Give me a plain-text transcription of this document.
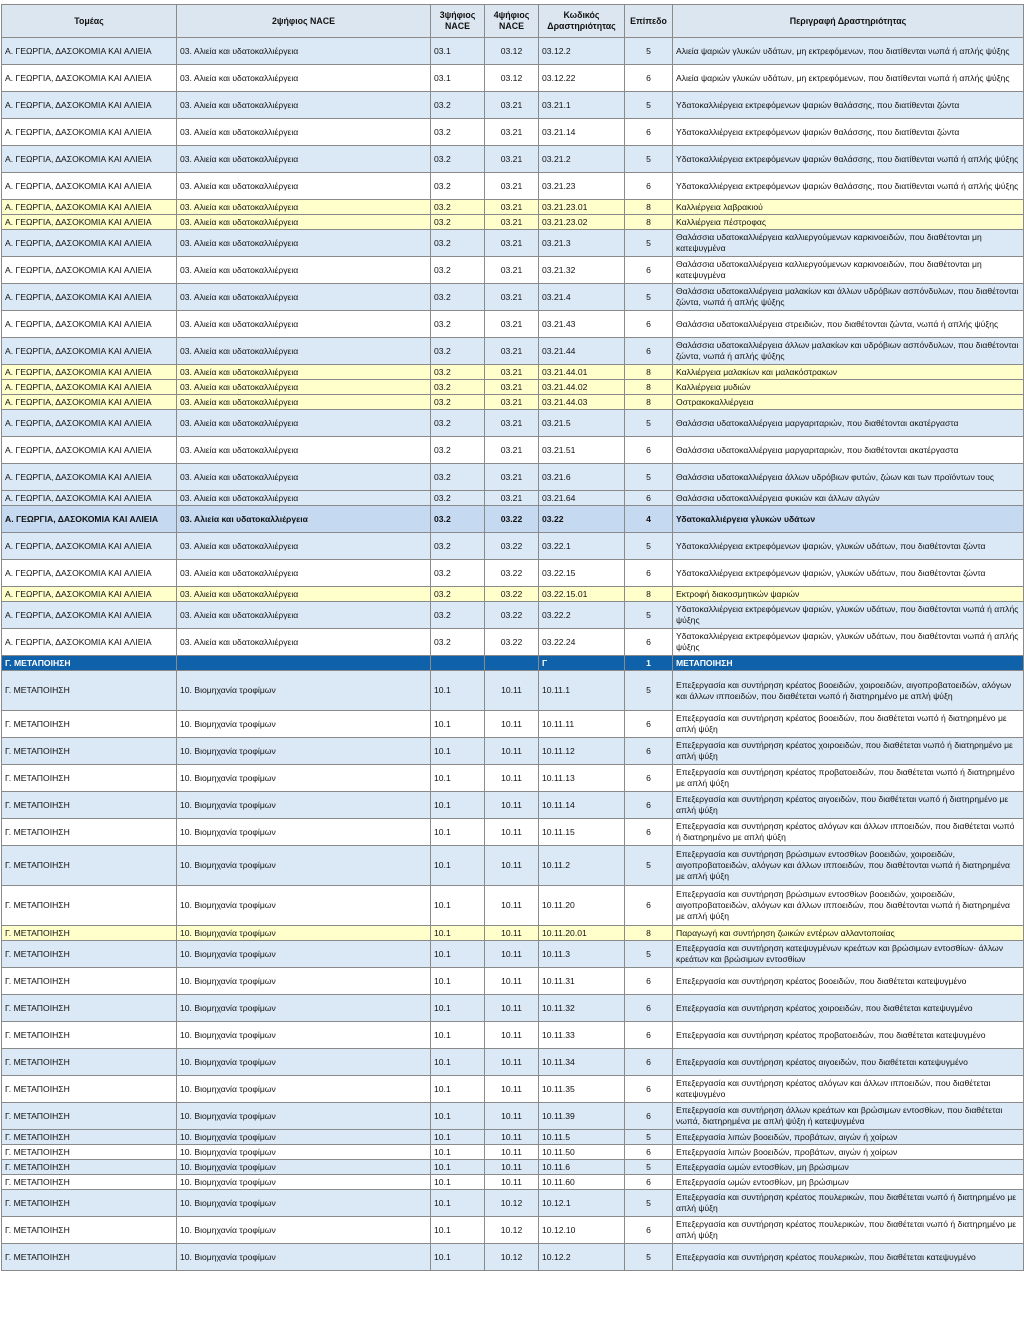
Τομέας	2ψήφιος NACE	3ψήφιος NACE	4ψήφιος NACE	Κωδικός Δραστηριότητας	Επίπεδο	Περιγραφή Δραστηριότητας
Α. ΓΕΩΡΓΙΑ, ΔΑΣΟΚΟΜΙΑ ΚΑΙ ΑΛΙΕΙΑ	03. Αλιεία και υδατοκαλλιέργεια	03.1	03.12	03.12.2	5	Αλιεία ψαριών γλυκών υδάτων, μη εκτρεφόμενων, που διατίθενται νωπά ή απλής ψύξης
Α. ΓΕΩΡΓΙΑ, ΔΑΣΟΚΟΜΙΑ ΚΑΙ ΑΛΙΕΙΑ	03. Αλιεία και υδατοκαλλιέργεια	03.1	03.12	03.12.22	6	Αλιεία ψαριών γλυκών υδάτων, μη εκτρεφόμενων, που διατίθενται νωπά ή απλής ψύξης
Α. ΓΕΩΡΓΙΑ, ΔΑΣΟΚΟΜΙΑ ΚΑΙ ΑΛΙΕΙΑ	03. Αλιεία και υδατοκαλλιέργεια	03.2	03.21	03.21.1	5	Υδατοκαλλιέργεια εκτρεφόμενων ψαριών θαλάσσης, που διατίθενται ζώντα
Α. ΓΕΩΡΓΙΑ, ΔΑΣΟΚΟΜΙΑ ΚΑΙ ΑΛΙΕΙΑ	03. Αλιεία και υδατοκαλλιέργεια	03.2	03.21	03.21.14	6	Υδατοκαλλιέργεια εκτρεφόμενων ψαριών θαλάσσης, που διατίθενται ζώντα
Α. ΓΕΩΡΓΙΑ, ΔΑΣΟΚΟΜΙΑ ΚΑΙ ΑΛΙΕΙΑ	03. Αλιεία και υδατοκαλλιέργεια	03.2	03.21	03.21.2	5	Υδατοκαλλιέργεια εκτρεφόμενων ψαριών θαλάσσης, που διατίθενται νωπά ή απλής ψύξης
Α. ΓΕΩΡΓΙΑ, ΔΑΣΟΚΟΜΙΑ ΚΑΙ ΑΛΙΕΙΑ	03. Αλιεία και υδατοκαλλιέργεια	03.2	03.21	03.21.23	6	Υδατοκαλλιέργεια εκτρεφόμενων ψαριών θαλάσσης, που διατίθενται νωπά ή απλής ψύξης
Α. ΓΕΩΡΓΙΑ, ΔΑΣΟΚΟΜΙΑ ΚΑΙ ΑΛΙΕΙΑ	03. Αλιεία και υδατοκαλλιέργεια	03.2	03.21	03.21.23.01	8	Καλλιέργεια λαβρακιού
Α. ΓΕΩΡΓΙΑ, ΔΑΣΟΚΟΜΙΑ ΚΑΙ ΑΛΙΕΙΑ	03. Αλιεία και υδατοκαλλιέργεια	03.2	03.21	03.21.23.02	8	Καλλιέργεια πέστροφας
Α. ΓΕΩΡΓΙΑ, ΔΑΣΟΚΟΜΙΑ ΚΑΙ ΑΛΙΕΙΑ	03. Αλιεία και υδατοκαλλιέργεια	03.2	03.21	03.21.3	5	Θαλάσσια υδατοκαλλιέργεια καλλιεργούμενων καρκινοειδών, που διαθέτονται μη κατεψυγμένα
Α. ΓΕΩΡΓΙΑ, ΔΑΣΟΚΟΜΙΑ ΚΑΙ ΑΛΙΕΙΑ	03. Αλιεία και υδατοκαλλιέργεια	03.2	03.21	03.21.32	6	Θαλάσσια υδατοκαλλιέργεια καλλιεργούμενων καρκινοειδών, που διαθέτονται μη κατεψυγμένα
Α. ΓΕΩΡΓΙΑ, ΔΑΣΟΚΟΜΙΑ ΚΑΙ ΑΛΙΕΙΑ	03. Αλιεία και υδατοκαλλιέργεια	03.2	03.21	03.21.4	5	Θαλάσσια υδατοκαλλιέργεια μαλακίων και άλλων υδρόβιων ασπόνδυλων, που διαθέτονται ζώντα, νωπά ή απλής ψύξης
Α. ΓΕΩΡΓΙΑ, ΔΑΣΟΚΟΜΙΑ ΚΑΙ ΑΛΙΕΙΑ	03. Αλιεία και υδατοκαλλιέργεια	03.2	03.21	03.21.43	6	Θαλάσσια υδατοκαλλιέργεια στρειδιών, που διαθέτονται ζώντα, νωπά ή απλής ψύξης
Α. ΓΕΩΡΓΙΑ, ΔΑΣΟΚΟΜΙΑ ΚΑΙ ΑΛΙΕΙΑ	03. Αλιεία και υδατοκαλλιέργεια	03.2	03.21	03.21.44	6	Θαλάσσια υδατοκαλλιέργεια άλλων μαλακίων και υδρόβιων ασπόνδυλων, που διαθέτονται ζώντα, νωπά ή απλής ψύξης
Α. ΓΕΩΡΓΙΑ, ΔΑΣΟΚΟΜΙΑ ΚΑΙ ΑΛΙΕΙΑ	03. Αλιεία και υδατοκαλλιέργεια	03.2	03.21	03.21.44.01	8	Καλλιέργεια μαλακίων και μαλακόστρακων
Α. ΓΕΩΡΓΙΑ, ΔΑΣΟΚΟΜΙΑ ΚΑΙ ΑΛΙΕΙΑ	03. Αλιεία και υδατοκαλλιέργεια	03.2	03.21	03.21.44.02	8	Καλλιέργεια μυδιών
Α. ΓΕΩΡΓΙΑ, ΔΑΣΟΚΟΜΙΑ ΚΑΙ ΑΛΙΕΙΑ	03. Αλιεία και υδατοκαλλιέργεια	03.2	03.21	03.21.44.03	8	Οστρακοκαλλιέργεια
Α. ΓΕΩΡΓΙΑ, ΔΑΣΟΚΟΜΙΑ ΚΑΙ ΑΛΙΕΙΑ	03. Αλιεία και υδατοκαλλιέργεια	03.2	03.21	03.21.5	5	Θαλάσσια υδατοκαλλιέργεια μαργαριταριών, που διαθέτονται ακατέργαστα
Α. ΓΕΩΡΓΙΑ, ΔΑΣΟΚΟΜΙΑ ΚΑΙ ΑΛΙΕΙΑ	03. Αλιεία και υδατοκαλλιέργεια	03.2	03.21	03.21.51	6	Θαλάσσια υδατοκαλλιέργεια μαργαριταριών, που διαθέτονται ακατέργαστα
Α. ΓΕΩΡΓΙΑ, ΔΑΣΟΚΟΜΙΑ ΚΑΙ ΑΛΙΕΙΑ	03. Αλιεία και υδατοκαλλιέργεια	03.2	03.21	03.21.6	5	Θαλάσσια υδατοκαλλιέργεια άλλων υδρόβιων φυτών, ζώων και των προϊόντων τους
Α. ΓΕΩΡΓΙΑ, ΔΑΣΟΚΟΜΙΑ ΚΑΙ ΑΛΙΕΙΑ	03. Αλιεία και υδατοκαλλιέργεια	03.2	03.21	03.21.64	6	Θαλάσσια υδατοκαλλιέργεια φυκιών και άλλων αλγών
Α. ΓΕΩΡΓΙΑ, ΔΑΣΟΚΟΜΙΑ ΚΑΙ ΑΛΙΕΙΑ	03. Αλιεία και υδατοκαλλιέργεια	03.2	03.22	03.22	4	Υδατοκαλλιέργεια γλυκών υδάτων
Α. ΓΕΩΡΓΙΑ, ΔΑΣΟΚΟΜΙΑ ΚΑΙ ΑΛΙΕΙΑ	03. Αλιεία και υδατοκαλλιέργεια	03.2	03.22	03.22.1	5	Υδατοκαλλιέργεια εκτρεφόμενων ψαριών, γλυκών υδάτων, που διαθέτονται ζώντα
Α. ΓΕΩΡΓΙΑ, ΔΑΣΟΚΟΜΙΑ ΚΑΙ ΑΛΙΕΙΑ	03. Αλιεία και υδατοκαλλιέργεια	03.2	03.22	03.22.15	6	Υδατοκαλλιέργεια εκτρεφόμενων ψαριών, γλυκών υδάτων, που διαθέτονται ζώντα
Α. ΓΕΩΡΓΙΑ, ΔΑΣΟΚΟΜΙΑ ΚΑΙ ΑΛΙΕΙΑ	03. Αλιεία και υδατοκαλλιέργεια	03.2	03.22	03.22.15.01	8	Εκτροφή διακοσμητικών ψαριών
Α. ΓΕΩΡΓΙΑ, ΔΑΣΟΚΟΜΙΑ ΚΑΙ ΑΛΙΕΙΑ	03. Αλιεία και υδατοκαλλιέργεια	03.2	03.22	03.22.2	5	Υδατοκαλλιέργεια εκτρεφόμενων ψαριών, γλυκών υδάτων, που διαθέτονται νωπά ή απλής ψύξης
Α. ΓΕΩΡΓΙΑ, ΔΑΣΟΚΟΜΙΑ ΚΑΙ ΑΛΙΕΙΑ	03. Αλιεία και υδατοκαλλιέργεια	03.2	03.22	03.22.24	6	Υδατοκαλλιέργεια εκτρεφόμενων ψαριών, γλυκών υδάτων, που διαθέτονται νωπά ή απλής ψύξης
Γ. ΜΕΤΑΠΟΙΗΣΗ				Γ	1	ΜΕΤΑΠΟΙΗΣΗ
Γ. ΜΕΤΑΠΟΙΗΣΗ	10. Βιομηχανία τροφίμων	10.1	10.11	10.11.1	5	Επεξεργασία και συντήρηση κρέατος βοοειδών, χοιροειδών, αιγοπροβατοειδών, αλόγων και άλλων ιπποειδών, που διαθέτεται νωπό ή διατηρημένο με απλή ψύξη
Γ. ΜΕΤΑΠΟΙΗΣΗ	10. Βιομηχανία τροφίμων	10.1	10.11	10.11.11	6	Επεξεργασία και συντήρηση κρέατος βοοειδών, που διαθέτεται νωπό ή διατηρημένο με απλή ψύξη
Γ. ΜΕΤΑΠΟΙΗΣΗ	10. Βιομηχανία τροφίμων	10.1	10.11	10.11.12	6	Επεξεργασία και συντήρηση κρέατος χοιροειδών, που διαθέτεται νωπό ή διατηρημένο με απλή ψύξη
Γ. ΜΕΤΑΠΟΙΗΣΗ	10. Βιομηχανία τροφίμων	10.1	10.11	10.11.13	6	Επεξεργασία και συντήρηση κρέατος προβατοειδών, που διαθέτεται νωπό ή διατηρημένο με απλή ψύξη
Γ. ΜΕΤΑΠΟΙΗΣΗ	10. Βιομηχανία τροφίμων	10.1	10.11	10.11.14	6	Επεξεργασία και συντήρηση κρέατος αιγοειδών, που διαθέτεται νωπό ή διατηρημένο με απλή ψύξη
Γ. ΜΕΤΑΠΟΙΗΣΗ	10. Βιομηχανία τροφίμων	10.1	10.11	10.11.15	6	Επεξεργασία και συντήρηση κρέατος αλόγων και άλλων ιπποειδών, που διαθέτεται νωπό ή διατηρημένο με απλή ψύξη
Γ. ΜΕΤΑΠΟΙΗΣΗ	10. Βιομηχανία τροφίμων	10.1	10.11	10.11.2	5	Επεξεργασία και συντήρηση βρώσιμων εντοσθίων βοοειδών, χοιροειδών, αιγοπροβατοειδών, αλόγων και άλλων ιπποειδών, που διαθέτονται νωπά ή διατηρημένα με απλή ψύξη
Γ. ΜΕΤΑΠΟΙΗΣΗ	10. Βιομηχανία τροφίμων	10.1	10.11	10.11.20	6	Επεξεργασία και συντήρηση βρώσιμων εντοσθίων βοοειδών, χοιροειδών, αιγοπροβατοειδών, αλόγων και άλλων ιπποειδών, που διαθέτονται νωπά ή διατηρημένα με απλή ψύξη
Γ. ΜΕΤΑΠΟΙΗΣΗ	10. Βιομηχανία τροφίμων	10.1	10.11	10.11.20.01	8	Παραγωγή και συντήρηση ζωικών εντέρων αλλαντοποιίας
Γ. ΜΕΤΑΠΟΙΗΣΗ	10. Βιομηχανία τροφίμων	10.1	10.11	10.11.3	5	Επεξεργασία και συντήρηση κατεψυγμένων κρεάτων και βρώσιμων εντοσθίων· άλλων κρεάτων και βρώσιμων εντοσθίων
Γ. ΜΕΤΑΠΟΙΗΣΗ	10. Βιομηχανία τροφίμων	10.1	10.11	10.11.31	6	Επεξεργασία και συντήρηση κρέατος βοοειδών, που διαθέτεται κατεψυγμένο
Γ. ΜΕΤΑΠΟΙΗΣΗ	10. Βιομηχανία τροφίμων	10.1	10.11	10.11.32	6	Επεξεργασία και συντήρηση κρέατος χοιροειδών, που διαθέτεται κατεψυγμένο
Γ. ΜΕΤΑΠΟΙΗΣΗ	10. Βιομηχανία τροφίμων	10.1	10.11	10.11.33	6	Επεξεργασία και συντήρηση κρέατος προβατοειδών, που διαθέτεται κατεψυγμένο
Γ. ΜΕΤΑΠΟΙΗΣΗ	10. Βιομηχανία τροφίμων	10.1	10.11	10.11.34	6	Επεξεργασία και συντήρηση κρέατος αιγοειδών, που διαθέτεται κατεψυγμένο
Γ. ΜΕΤΑΠΟΙΗΣΗ	10. Βιομηχανία τροφίμων	10.1	10.11	10.11.35	6	Επεξεργασία και συντήρηση κρέατος αλόγων και άλλων ιπποειδών, που διαθέτεται κατεψυγμένο
Γ. ΜΕΤΑΠΟΙΗΣΗ	10. Βιομηχανία τροφίμων	10.1	10.11	10.11.39	6	Επεξεργασία και συντήρηση άλλων κρεάτων και βρώσιμων εντοσθίων, που διαθέτεται νωπά, διατηρημένα με απλή ψύξη ή κατεψυγμένα
Γ. ΜΕΤΑΠΟΙΗΣΗ	10. Βιομηχανία τροφίμων	10.1	10.11	10.11.5	5	Επεξεργασία λιπών βοοειδών, προβάτων, αιγών ή χοίρων
Γ. ΜΕΤΑΠΟΙΗΣΗ	10. Βιομηχανία τροφίμων	10.1	10.11	10.11.50	6	Επεξεργασία λιπών βοοειδών, προβάτων, αιγών ή χοίρων
Γ. ΜΕΤΑΠΟΙΗΣΗ	10. Βιομηχανία τροφίμων	10.1	10.11	10.11.6	5	Επεξεργασία ωμών εντοσθίων, μη βρώσιμων
Γ. ΜΕΤΑΠΟΙΗΣΗ	10. Βιομηχανία τροφίμων	10.1	10.11	10.11.60	6	Επεξεργασία ωμών εντοσθίων, μη βρώσιμων
Γ. ΜΕΤΑΠΟΙΗΣΗ	10. Βιομηχανία τροφίμων	10.1	10.12	10.12.1	5	Επεξεργασία και συντήρηση κρέατος πουλερικών, που διαθέτεται νωπό ή διατηρημένο με απλή ψύξη
Γ. ΜΕΤΑΠΟΙΗΣΗ	10. Βιομηχανία τροφίμων	10.1	10.12	10.12.10	6	Επεξεργασία και συντήρηση κρέατος πουλερικών, που διαθέτεται νωπό ή διατηρημένο με απλή ψύξη
Γ. ΜΕΤΑΠΟΙΗΣΗ	10. Βιομηχανία τροφίμων	10.1	10.12	10.12.2	5	Επεξεργασία και συντήρηση κρέατος πουλερικών, που διαθέτεται κατεψυγμένο
